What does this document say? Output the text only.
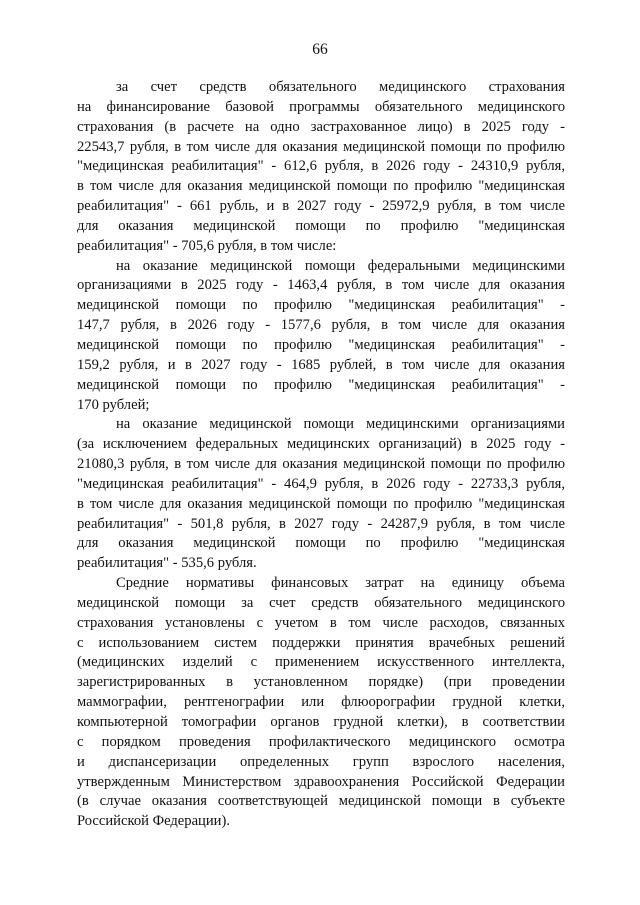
66
за счет средств обязательного медицинского страхования
на финансирование базовой программы обязательного медицинского
страхования (в расчете на одно застрахованное лицо) в 2025 году -
22543,7 рубля, в том числе для оказания медицинской помощи по профилю
"медицинская реабилитация" - 612,6 рубля, в 2026 году - 24310,9 рубля,
в том числе для оказания медицинской помощи по профилю "медицинская
реабилитация" - 661 рубль, и в 2027 году - 25972,9 рубля, в том числе
для оказания медицинской помощи по профилю "медицинская
реабилитация" - 705,6 рубля, в том числе:
на оказание медицинской помощи федеральными медицинскими
организациями в 2025 году - 1463,4 рубля, в том числе для оказания
медицинской помощи по профилю "медицинская реабилитация" -
147,7 рубля, в 2026 году - 1577,6 рубля, в том числе для оказания
медицинской помощи по профилю "медицинская реабилитация" -
159,2 рубля, и в 2027 году - 1685 рублей, в том числе для оказания
медицинской помощи по профилю "медицинская реабилитация" -
170 рублей;
на оказание медицинской помощи медицинскими организациями
(за исключением федеральных медицинских организаций) в 2025 году -
21080,3 рубля, в том числе для оказания медицинской помощи по профилю
"медицинская реабилитация" - 464,9 рубля, в 2026 году - 22733,3 рубля,
в том числе для оказания медицинской помощи по профилю "медицинская
реабилитация" - 501,8 рубля, в 2027 году - 24287,9 рубля, в том числе
для оказания медицинской помощи по профилю "медицинская
реабилитация" - 535,6 рубля.
Средние нормативы финансовых затрат на единицу объема
медицинской помощи за счет средств обязательного медицинского
страхования установлены с учетом в том числе расходов, связанных
с использованием систем поддержки принятия врачебных решений
(медицинских изделий с применением искусственного интеллекта,
зарегистрированных в установленном порядке) (при проведении
маммографии, рентгенографии или флюорографии грудной клетки,
компьютерной томографии органов грудной клетки), в соответствии
с порядком проведения профилактического медицинского осмотра
и диспансеризации определенных групп взрослого населения,
утвержденным Министерством здравоохранения Российской Федерации
(в случае оказания соответствующей медицинской помощи в субъекте
Российской Федерации).
